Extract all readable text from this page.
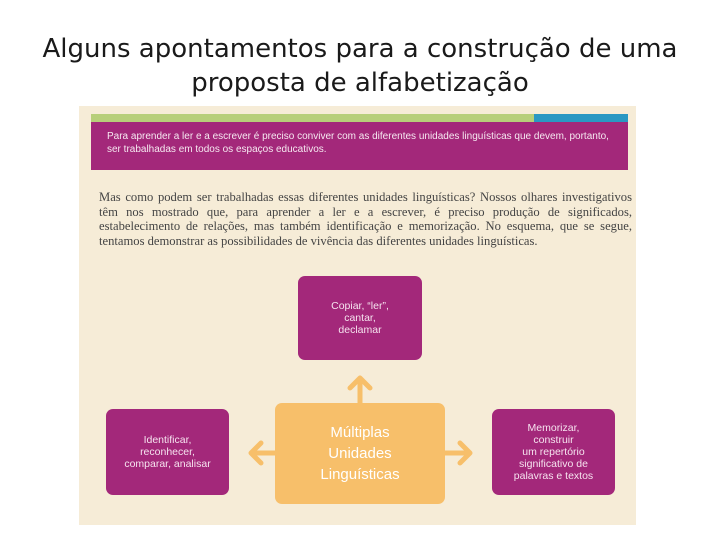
Alguns apontamentos para a construção de uma proposta de alfabetização
Para aprender a ler e a escrever é preciso conviver com as diferentes unidades linguísticas que devem, portanto, ser trabalhadas em todos os espaços educativos.
Mas como podem ser trabalhadas essas diferentes unidades linguísticas? Nossos olhares investigativos têm nos mostrado que, para aprender a ler e a escrever, é preciso produção de significados, estabelecimento de relações, mas também identificação e memorização. No esquema, que se segue, tentamos demonstrar as possibilidades de vivência das diferentes unidades linguísticas.
Copiar, “ler”,
cantar,
declamar
Identificar,
reconhecer,
comparar, analisar
Memorizar,
construir
um repertório
significativo de
palavras e textos
Múltiplas
Unidades
Linguísticas
